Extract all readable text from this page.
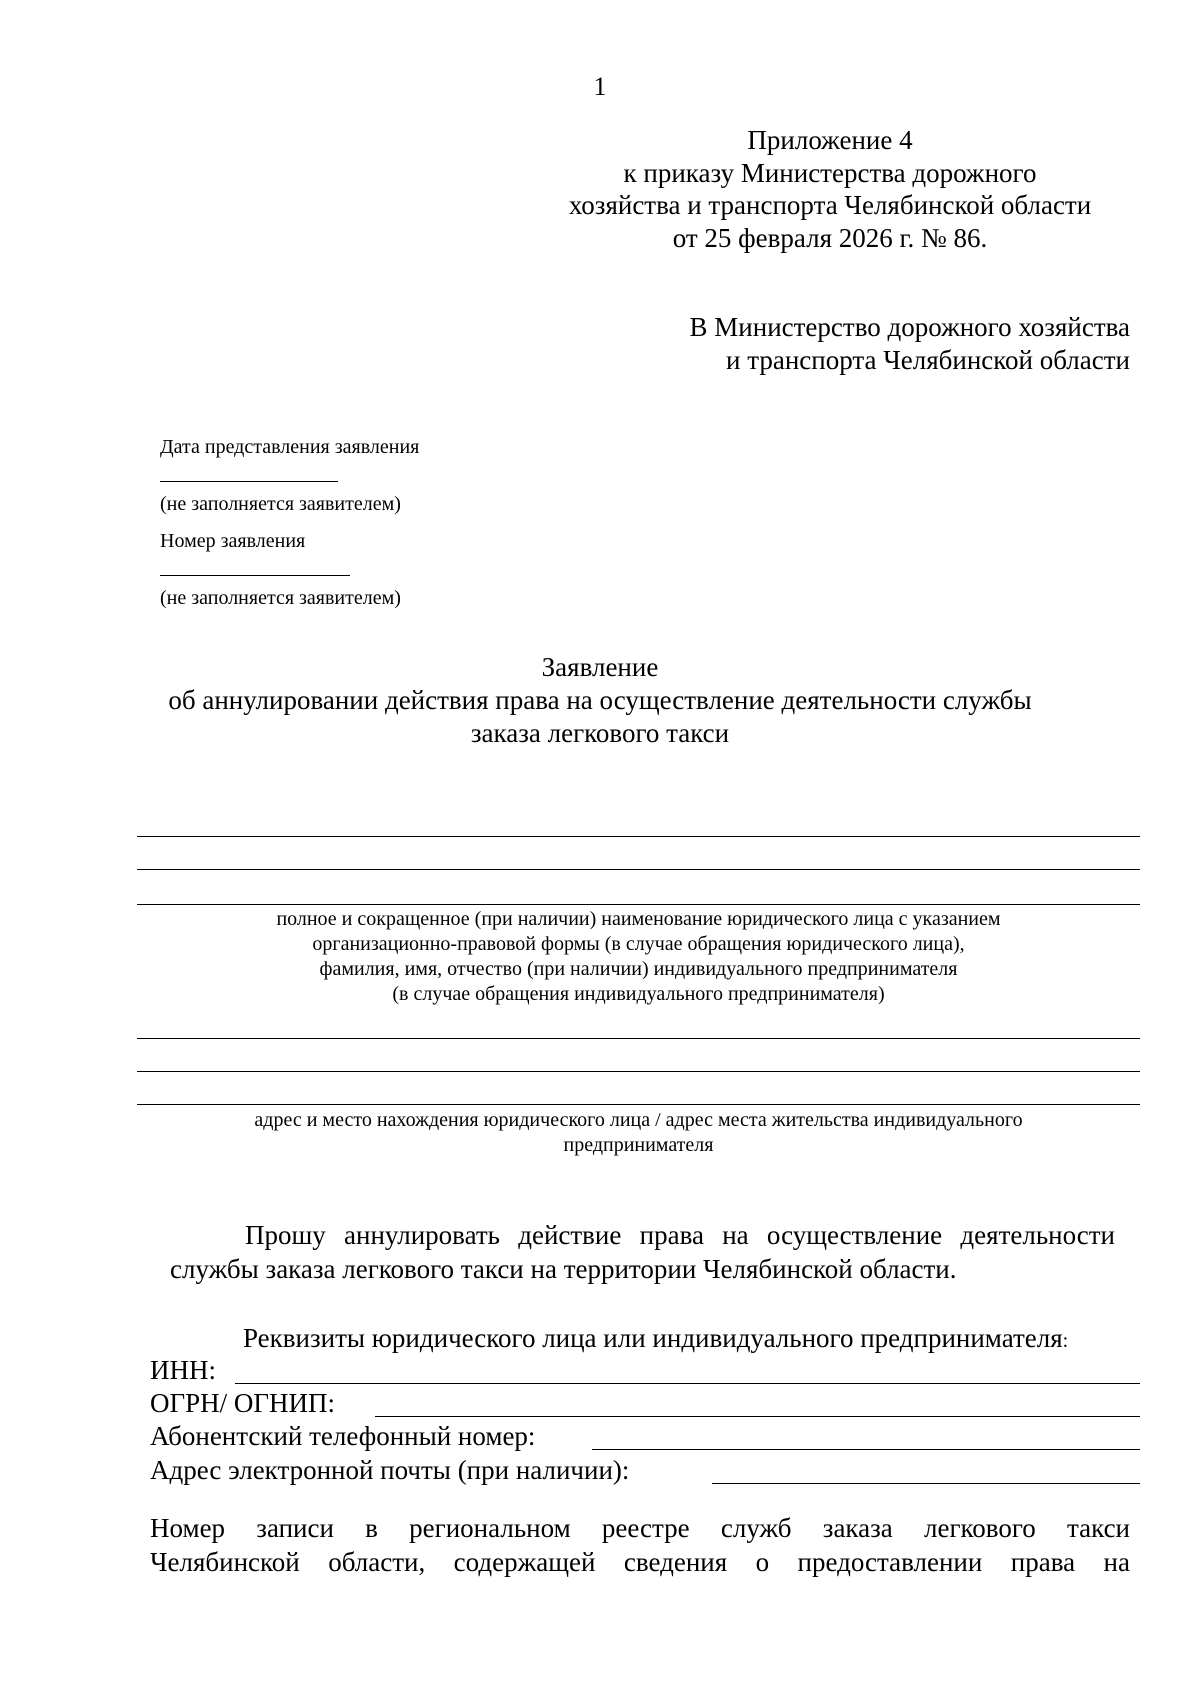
1
Приложение 4
к приказу Министерства дорожного
хозяйства и транспорта Челябинской области
от 25 февраля 2026 г. № 86.
В Министерство дорожного хозяйства
и транспорта Челябинской области
Дата представления заявления
(не заполняется заявителем)
Номер заявления
(не заполняется заявителем)
Заявление
об аннулировании действия права на осуществление деятельности службы
заказа легкового такси
полное и сокращенное (при наличии) наименование юридического лица с указанием
организационно-правовой формы (в случае обращения юридического лица),
фамилия, имя, отчество (при наличии) индивидуального предпринимателя
(в случае обращения индивидуального предпринимателя)
адрес и место нахождения юридического лица / адрес места жительства индивидуального
предпринимателя
Прошу аннулировать действие права на осуществление деятельности
службы заказа легкового такси на территории Челябинской области.
Реквизиты юридического лица или индивидуального предпринимателя:
ИНН:
ОГРН/ ОГНИП:
Абонентский телефонный номер:
Адрес электронной почты (при наличии):
Номер записи в региональном реестре служб заказа легкового такси
Челябинской области, содержащей сведения о предоставлении права на
